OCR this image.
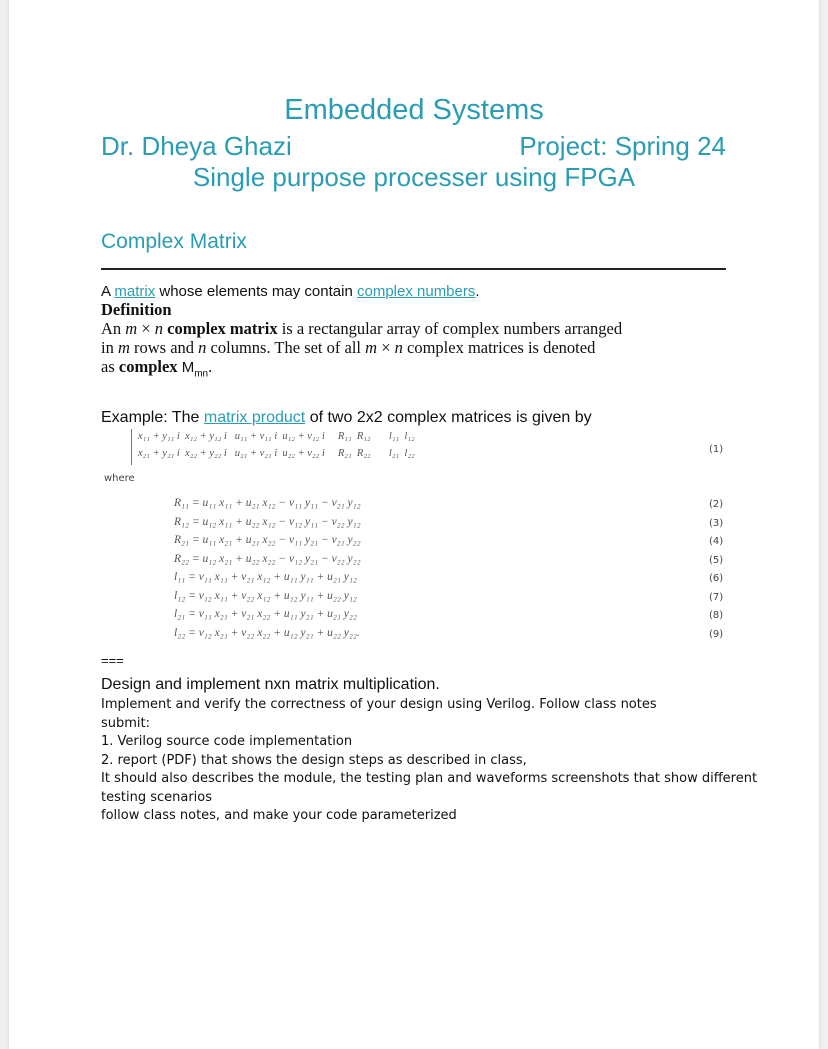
Embedded Systems
Dr. Dheya Ghazi	Project: Spring 24
Single purpose processer using FPGA
Complex Matrix
A matrix whose elements may contain complex numbers.
Definition
An m × n complex matrix is a rectangular array of complex numbers arranged
in m rows and n columns. The set of all m × n complex matrices is denoted
as complex $M_{mn}$.
Example: The matrix product of two 2x2 complex matrices is given by
x₁₁ + y₁₁ i  x₁₂ + y₁₂ i   u₁₁ + v₁₁ i  u₁₂ + v₁₂ i     R₁₁  R₁₂       l₁₁  l₁₂
x₂₁ + y₂₁ i  x₂₂ + y₂₂ i   u₂₁ + v₂₁ i  u₂₂ + v₂₂ i     R₂₁  R₂₂       l₂₁  l₂₂	(1)
where
R₁₁ = u₁₁ x₁₁ + u₂₁ x₁₂ − v₁₁ y₁₁ − v₂₁ y₁₂	(2)
R₁₂ = u₁₂ x₁₁ + u₂₂ x₁₂ − v₁₂ y₁₁ − v₂₂ y₁₂	(3)
R₂₁ = u₁₁ x₂₁ + u₂₁ x₂₂ − v₁₁ y₂₁ − v₂₁ y₂₂	(4)
R₂₂ = u₁₂ x₂₁ + u₂₂ x₂₂ − v₁₂ y₂₁ − v₂₂ y₂₂	(5)
l₁₁ = v₁₁ x₁₁ + v₂₁ x₁₂ + u₁₁ y₁₁ + u₂₁ y₁₂	(6)
l₁₂ = v₁₂ x₁₁ + v₂₂ x₁₂ + u₁₂ y₁₁ + u₂₂ y₁₂	(7)
l₂₁ = v₁₁ x₂₁ + v₂₁ x₂₂ + u₁₁ y₂₁ + u₂₁ y₂₂	(8)
l₂₂ = v₁₂ x₂₁ + v₂₂ x₂₂ + u₁₂ y₂₁ + u₂₂ y₂₂.	(9)
===
Design and implement nxn matrix multiplication.
Implement and verify the correctness of your design using Verilog. Follow class notes
submit:
1. Verilog source code implementation
2. report (PDF) that shows the design steps as described in class,
It should also describes the module, the testing plan and waveforms screenshots that show different
testing scenarios
follow class notes, and make your code parameterized
